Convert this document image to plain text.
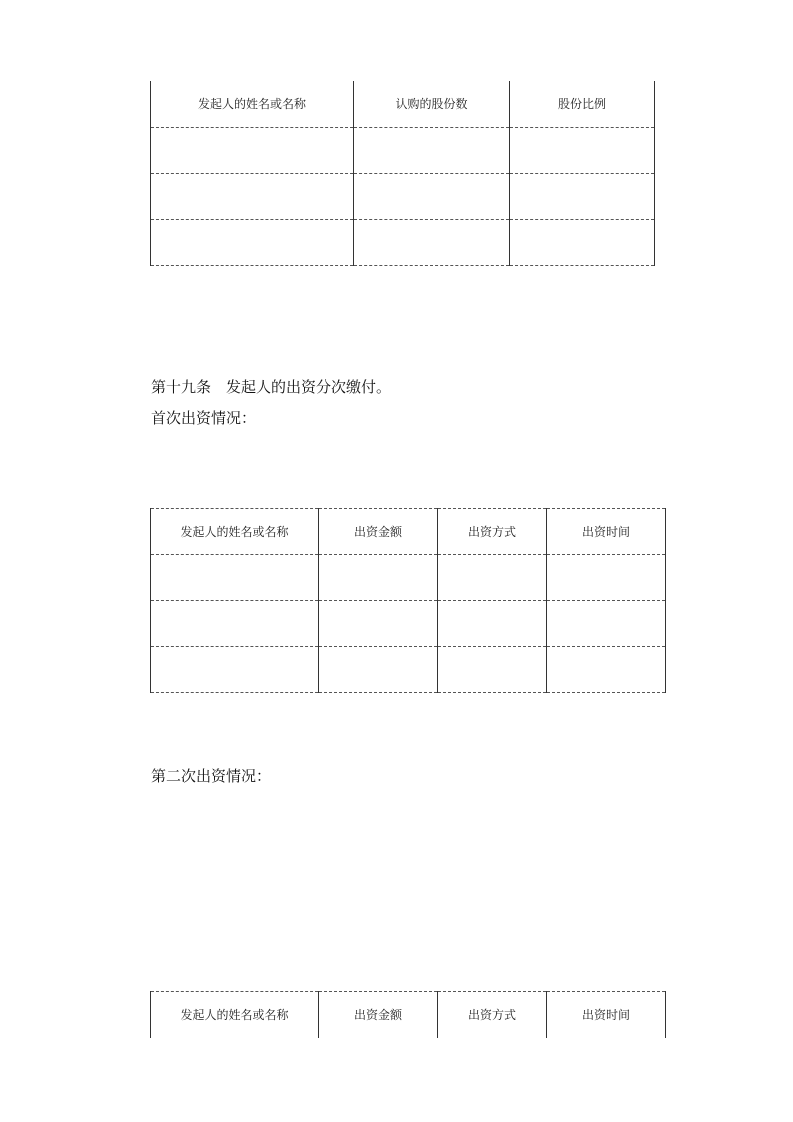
发起人的姓名或名称	认购的股份数	股份比例

第十九条　发起人的出资分次缴付。
首次出资情况：
发起人的姓名或名称	出资金额	出资方式	出资时间

第二次出资情况：
发起人的姓名或名称	出资金额	出资方式	出资时间
